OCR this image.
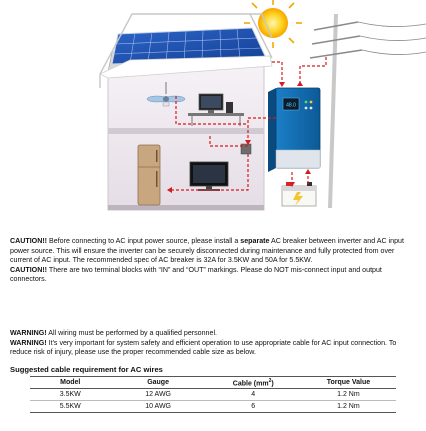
48.0

CAUTION!! Before connecting to AC input power source, please install a separate AC breaker between inverter and AC input power source. This will ensure the inverter can be securely disconnected during maintenance and fully protected from over current of AC input. The recommended spec of AC breaker is 32A for 3.5KW and 50A for 5.5KW.

CAUTION!! There are two terminal blocks with “IN” and “OUT” markings. Please do NOT mis-connect input and output connectors.

WARNING! All wiring must be performed by a qualified personnel.

WARNING! It's very important for system safety and efficient operation to use appropriate cable for AC input connection. To reduce risk of injury, please use the proper recommended cable size as below.

Suggested cable requirement for AC wires
Model	Gauge	Cable $(mm^2)$	Torque Value
3.5KW	12 AWG	4	1.2 Nm
5.5KW	10 AWG	6	1.2 Nm
